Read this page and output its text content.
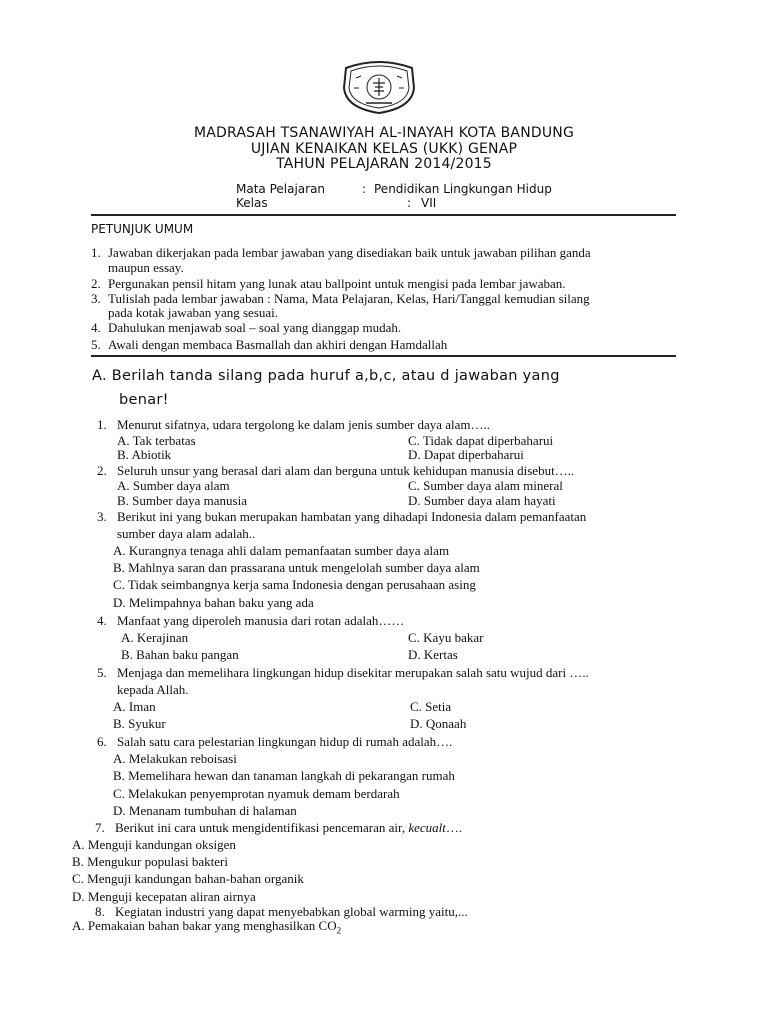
MADRASAH TSANAWIYAH AL-INAYAH KOTA BANDUNG
UJIAN KENAIKAN KELAS (UKK) GENAP
TAHUN PELAJARAN 2014/2015
Mata Pelajaran	: Pendidikan Lingkungan Hidup
Kelas	: VII
PETUNJUK UMUM
1. Jawaban dikerjakan pada lembar jawaban yang disediakan baik untuk jawaban pilihan ganda
maupun essay.
2. Pergunakan pensil hitam yang lunak atau ballpoint untuk mengisi pada lembar jawaban.
3. Tulislah pada lembar jawaban : Nama, Mata Pelajaran, Kelas, Hari/Tanggal kemudian silang
pada kotak jawaban yang sesuai.
4. Dahulukan menjawab soal – soal yang dianggap mudah.
5. Awali dengan membaca Basmallah dan akhiri dengan Hamdallah
A. Berilah tanda silang pada huruf a,b,c, atau d jawaban yang
benar!
1. Menurut sifatnya, udara tergolong ke dalam jenis sumber daya alam…..
A. Tak terbatas	C. Tidak dapat diperbaharui
B. Abiotik	D. Dapat diperbaharui
2. Seluruh unsur yang berasal dari alam dan berguna untuk kehidupan manusia disebut…..
A. Sumber daya alam	C. Sumber daya alam mineral
B. Sumber daya manusia	D. Sumber daya alam hayati
3. Berikut ini yang bukan merupakan hambatan yang dihadapi Indonesia dalam pemanfaatan
sumber daya alam adalah..
A. Kurangnya tenaga ahli dalam pemanfaatan sumber daya alam
B. Mahlnya saran dan prassarana untuk mengelolah sumber daya alam
C. Tidak seimbangnya kerja sama Indonesia dengan perusahaan asing
D. Melimpahnya bahan baku yang ada
4. Manfaat yang diperoleh manusia dari rotan adalah……
A. Kerajinan	C. Kayu bakar
B. Bahan baku pangan	D. Kertas
5. Menjaga dan memelihara lingkungan hidup disekitar merupakan salah satu wujud dari …..
kepada Allah.
A. Iman	C. Setia
B. Syukur	D. Qonaah
6. Salah satu cara pelestarian lingkungan hidup di rumah adalah….
A. Melakukan reboisasi
B. Memelihara hewan dan tanaman langkah di pekarangan rumah
C. Melakukan penyemprotan nyamuk demam berdarah
D. Menanam tumbuhan di halaman
7. Berikut ini cara untuk mengidentifikasi pencemaran air, kecualt….
A. Menguji kandungan oksigen
B. Mengukur populasi bakteri
C. Menguji kandungan bahan-bahan organik
D. Menguji kecepatan aliran airnya
8. Kegiatan industri yang dapat menyebabkan global warming yaitu,...
A. Pemakaian bahan bakar yang menghasilkan $CO_2$
